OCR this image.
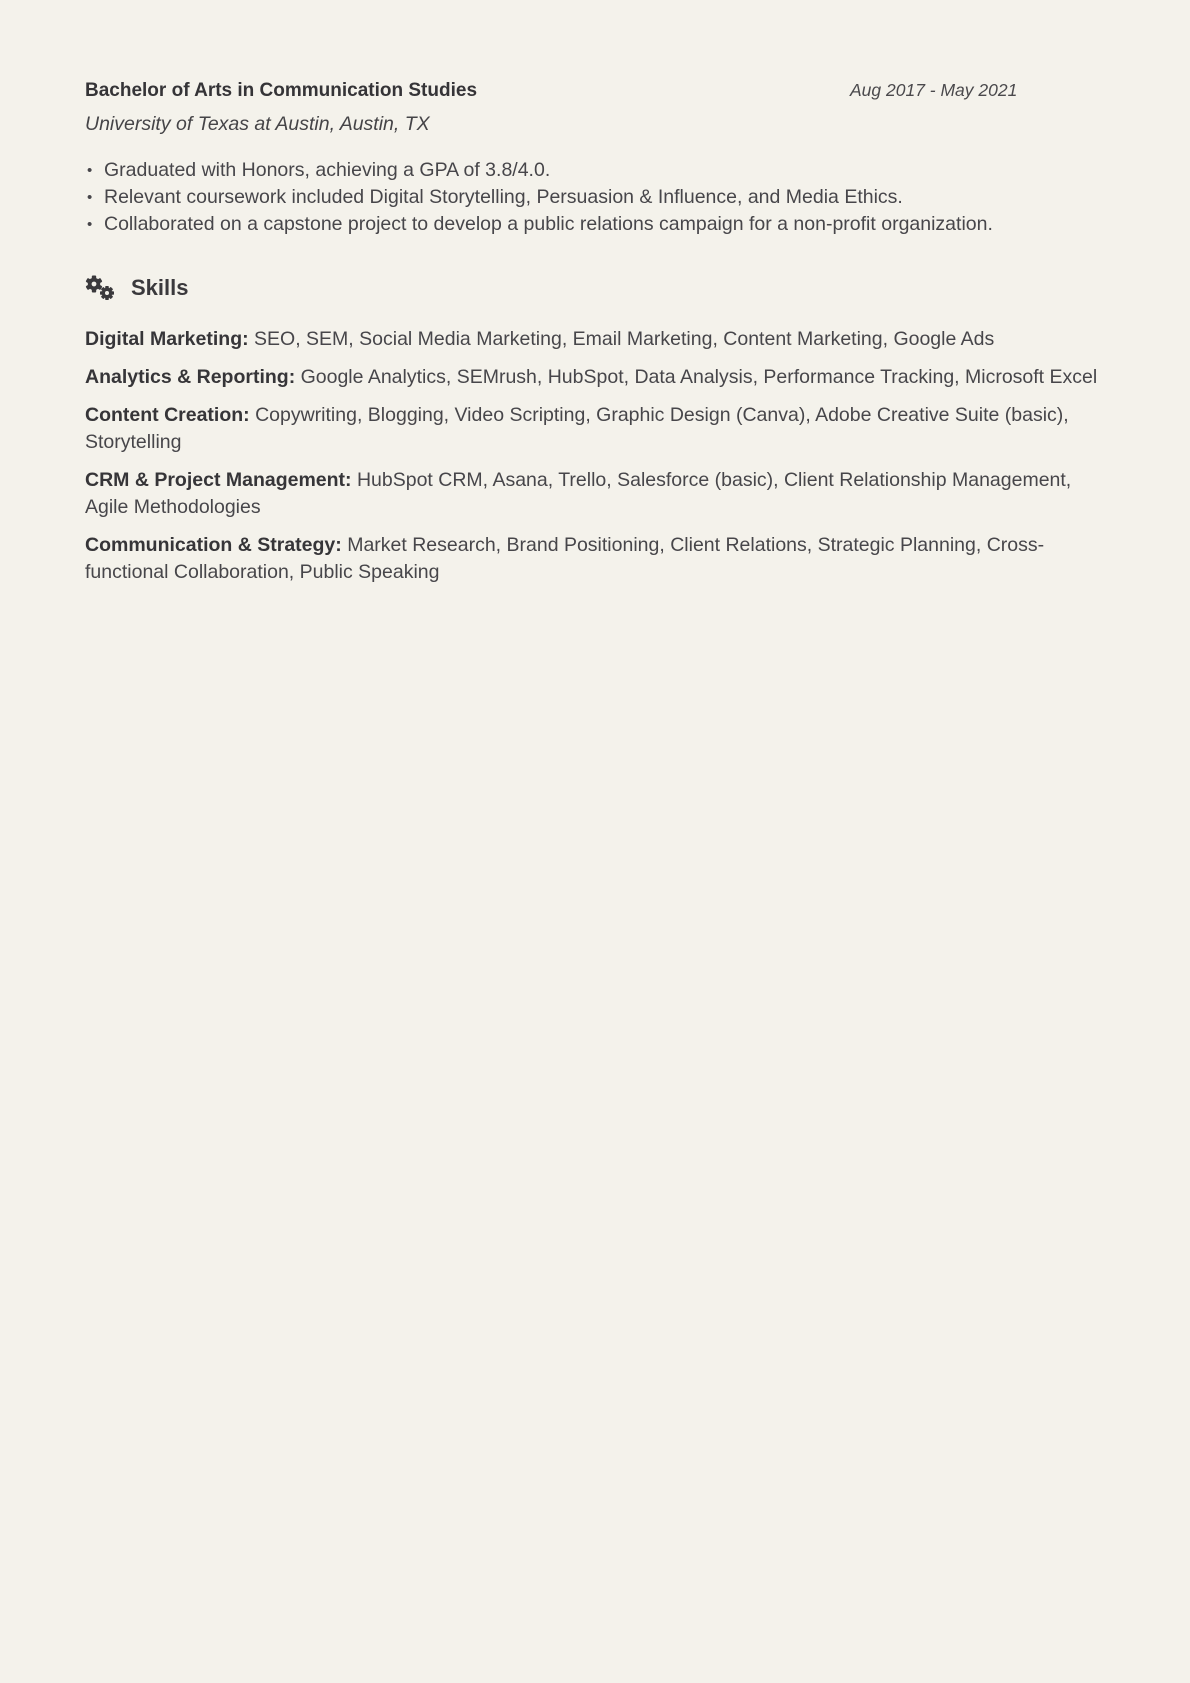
Bachelor of Arts in Communication Studies	Aug 2017 - May 2021
University of Texas at Austin, Austin, TX
• Graduated with Honors, achieving a GPA of 3.8/4.0.
• Relevant coursework included Digital Storytelling, Persuasion & Influence, and Media Ethics.
• Collaborated on a capstone project to develop a public relations campaign for a non-profit organization.
Skills
Digital Marketing: SEO, SEM, Social Media Marketing, Email Marketing, Content Marketing, Google Ads
Analytics & Reporting: Google Analytics, SEMrush, HubSpot, Data Analysis, Performance Tracking, Microsoft Excel
Content Creation: Copywriting, Blogging, Video Scripting, Graphic Design (Canva), Adobe Creative Suite (basic), Storytelling
CRM & Project Management: HubSpot CRM, Asana, Trello, Salesforce (basic), Client Relationship Management, Agile Methodologies
Communication & Strategy: Market Research, Brand Positioning, Client Relations, Strategic Planning, Cross-functional Collaboration, Public Speaking
